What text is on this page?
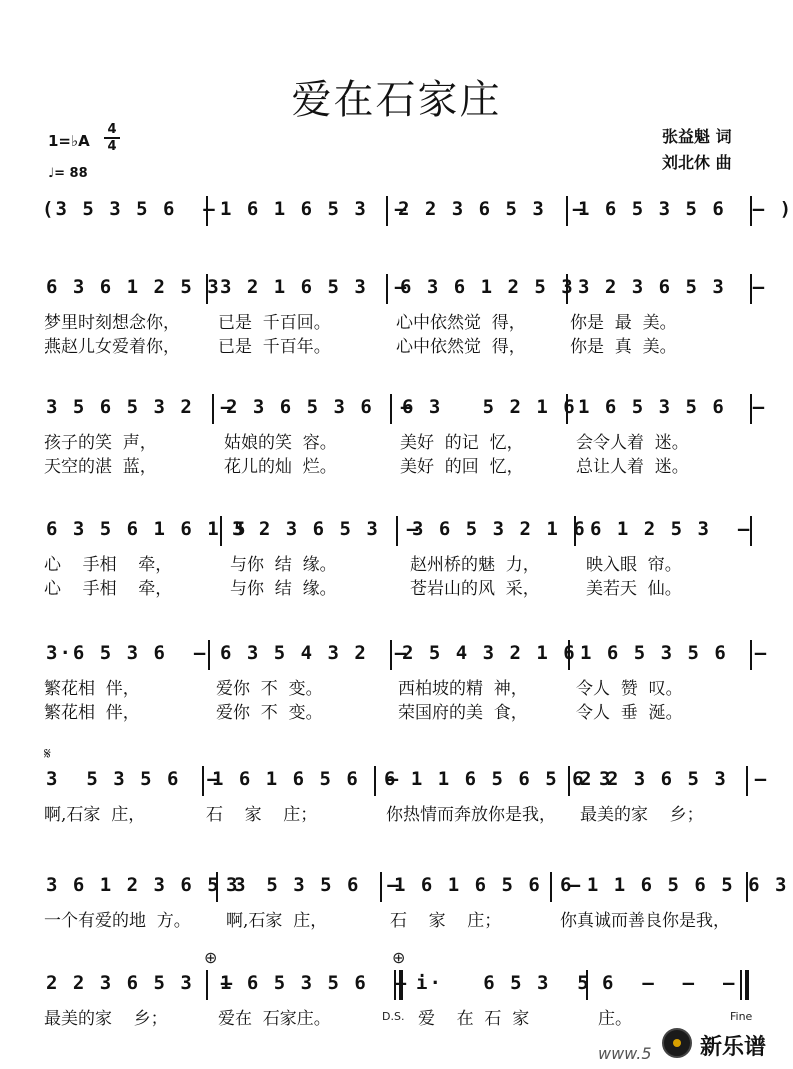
爱在石家庄
1=♭A
4
4
♩= 88
张益魁 词
刘北休 曲
(3 5 3 5 6  – 1 6 1 6 5 3  –
2 2 3 6 5 3  –
1 6 5 3 5 6  – )
6 3 6 1 2 5 3 3 2 1 6 5 3  –
6 3 6 1 2 5 3 3 2 3 6 5 3  –
梦里时刻想念你， 已是  千百回。	心中依然觉  得，	你是  最  美。
燕赵儿女爱着你， 已是  千百年。	心中依然觉  得，	你是  真  美。
3 5 6 5 3 2  –
2 3 6 5 3 6  –
6 3   5 2 1 6 1 6 5 3 5 6  –
孩子的笑  声，	姑娘的笑  容。	美好  的记  忆，	会令人着  迷。
天空的湛  蓝，	花儿的灿  烂。	美好  的回  忆，	总让人着  迷。
6 3 5 6 1 6 1 5
3 2 3 6 5 3  –
3 6 5 3 2 1 6 6 1 2 5 3  –
心    手相    牵，	与你  结  缘。	赵州桥的魅  力，	映入眼  帘。
心    手相    牵，	与你  结  缘。	苍岩山的风  采，	美若天  仙。
3·6 5 3 6  – 6 3 5 4 3 2  –
2 5 4 3 2 1 6 1 6 5 3 5 6  –
繁花相  伴，	爱你  不  变。	西柏坡的精  神，	令人  赞  叹。
繁花相  伴，	爱你  不  变。	荣国府的美  食，	令人  垂  涎。
𝄋
3  5 3 5 6  –
1 6 1 6 5 6  –
6 1 1 6 5 6 5 6 3
2 2 3 6 5 3  –
啊,石家  庄，	石    家    庄；	你热情而奔放你是我， 最美的家    乡；
3 6 1 2 3 6 5 3
3  5 3 5 6  –
1 6 1 6 5 6  –
6 1 1 6 5 6 5 6 3
一个有爱的地  方。 啊,石家  庄，	石    家    庄；	你真诚而善良你是我，
⊕	⊕
2 2 3 6 5 3  –
1 6 5 3 5 6  – i·   6 5 3  5 6  –  –  –
最美的家    乡；	爱在  石家庄。	D.S. 爱    在  石  家	庄。	Fine
www.5 新乐谱
